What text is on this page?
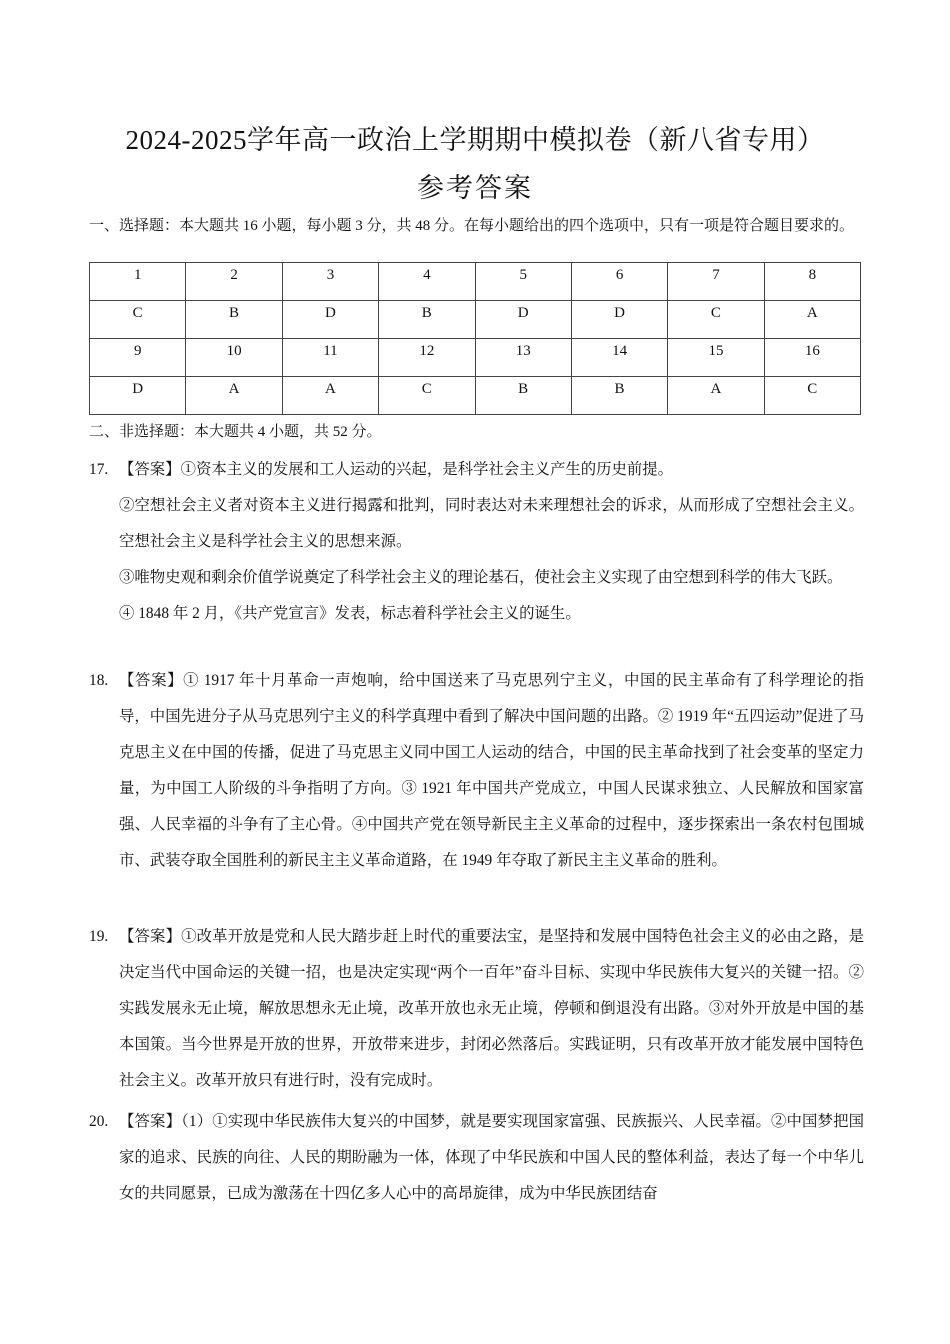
2024-2025学年高一政治上学期期中模拟卷（新八省专用）
参考答案
一、选择题：本大题共 16 小题，每小题 3 分，共 48 分。在每小题给出的四个选项中，只有一项是符合题目要求的。
1	2	3	4	5	6	7	8
C	B	D	B	D	D	C	A
9	10	11	12	13	14	15	16
D	A	A	C	B	B	A	C
二、非选择题：本大题共 4 小题，共 52 分。
17. 【答案】①资本主义的发展和工人运动的兴起，是科学社会主义产生的历史前提。
②空想社会主义者对资本主义进行揭露和批判，同时表达对未来理想社会的诉求，从而形成了空想社会主义。空想社会主义是科学社会主义的思想来源。
③唯物史观和剩余价值学说奠定了科学社会主义的理论基石，使社会主义实现了由空想到科学的伟大飞跃。
④ 1848 年 2 月，《共产党宣言》发表，标志着科学社会主义的诞生。
18. 【答案】① 1917 年十月革命一声炮响，给中国送来了马克思列宁主义，中国的民主革命有了科学理论的指导，中国先进分子从马克思列宁主义的科学真理中看到了解决中国问题的出路。② 1919 年“五四运动”促进了马克思主义在中国的传播，促进了马克思主义同中国工人运动的结合，中国的民主革命找到了社会变革的坚定力量，为中国工人阶级的斗争指明了方向。③ 1921 年中国共产党成立，中国人民谋求独立、人民解放和国家富强、人民幸福的斗争有了主心骨。④中国共产党在领导新民主主义革命的过程中，逐步探索出一条农村包围城市、武装夺取全国胜利的新民主主义革命道路，在 1949 年夺取了新民主主义革命的胜利。
19. 【答案】①改革开放是党和人民大踏步赶上时代的重要法宝，是坚持和发展中国特色社会主义的必由之路，是决定当代中国命运的关键一招，也是决定实现“两个一百年”奋斗目标、实现中华民族伟大复兴的关键一招。②实践发展永无止境，解放思想永无止境，改革开放也永无止境，停顿和倒退没有出路。③对外开放是中国的基本国策。当今世界是开放的世界，开放带来进步，封闭必然落后。实践证明，只有改革开放才能发展中国特色社会主义。改革开放只有进行时，没有完成时。
20. 【答案】（1）①实现中华民族伟大复兴的中国梦，就是要实现国家富强、民族振兴、人民幸福。②中国梦把国家的追求、民族的向往、人民的期盼融为一体，体现了中华民族和中国人民的整体利益，表达了每一个中华儿女的共同愿景，已成为激荡在十四亿多人心中的高昂旋律，成为中华民族团结奋
